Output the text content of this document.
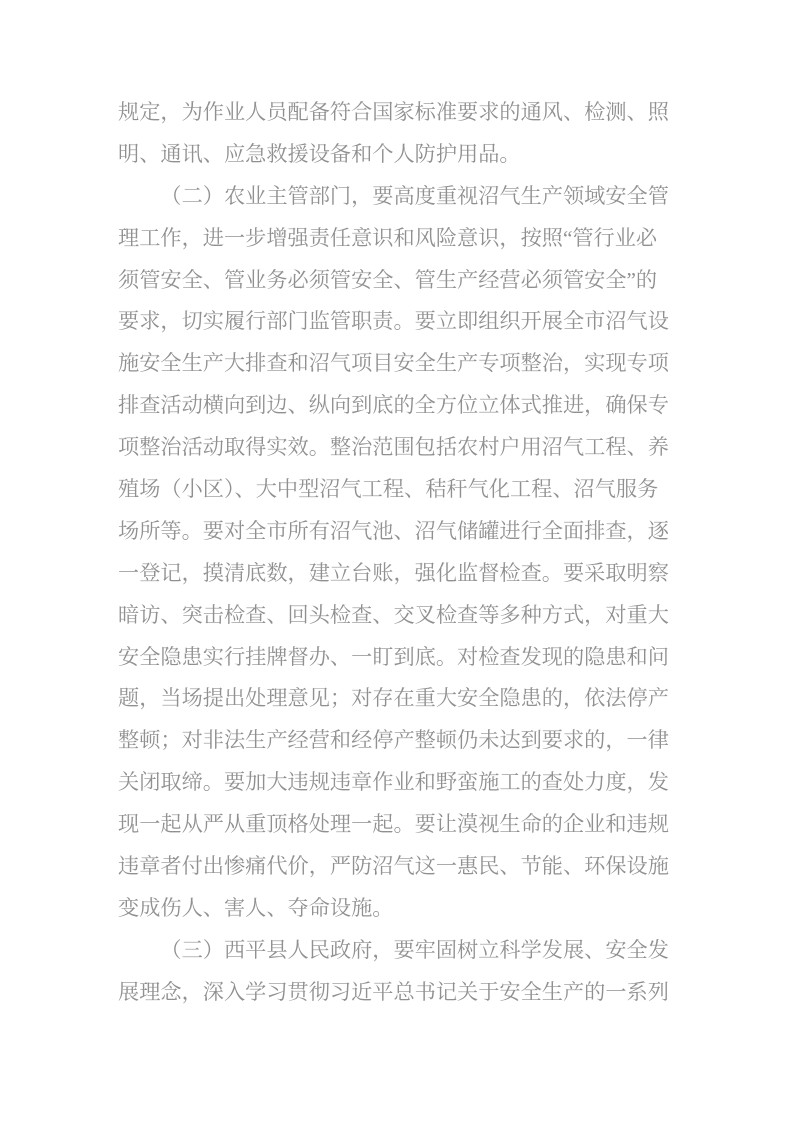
规定，为作业人员配备符合国家标准要求的通风、检测、照
明、通讯、应急救援设备和个人防护用品。
（二）农业主管部门，要高度重视沼气生产领域安全管
理工作，进一步增强责任意识和风险意识，按照“管行业必
须管安全、管业务必须管安全、管生产经营必须管安全”的
要求，切实履行部门监管职责。要立即组织开展全市沼气设
施安全生产大排查和沼气项目安全生产专项整治，实现专项
排查活动横向到边、纵向到底的全方位立体式推进，确保专
项整治活动取得实效。整治范围包括农村户用沼气工程、养
殖场（小区）、大中型沼气工程、秸秆气化工程、沼气服务
场所等。要对全市所有沼气池、沼气储罐进行全面排查，逐
一登记，摸清底数，建立台账，强化监督检查。要采取明察
暗访、突击检查、回头检查、交叉检查等多种方式，对重大
安全隐患实行挂牌督办、一盯到底。对检查发现的隐患和问
题，当场提出处理意见；对存在重大安全隐患的，依法停产
整顿；对非法生产经营和经停产整顿仍未达到要求的，一律
关闭取缔。要加大违规违章作业和野蛮施工的查处力度，发
现一起从严从重顶格处理一起。要让漠视生命的企业和违规
违章者付出惨痛代价，严防沼气这一惠民、节能、环保设施
变成伤人、害人、夺命设施。
（三）西平县人民政府，要牢固树立科学发展、安全发
展理念，深入学习贯彻习近平总书记关于安全生产的一系列
